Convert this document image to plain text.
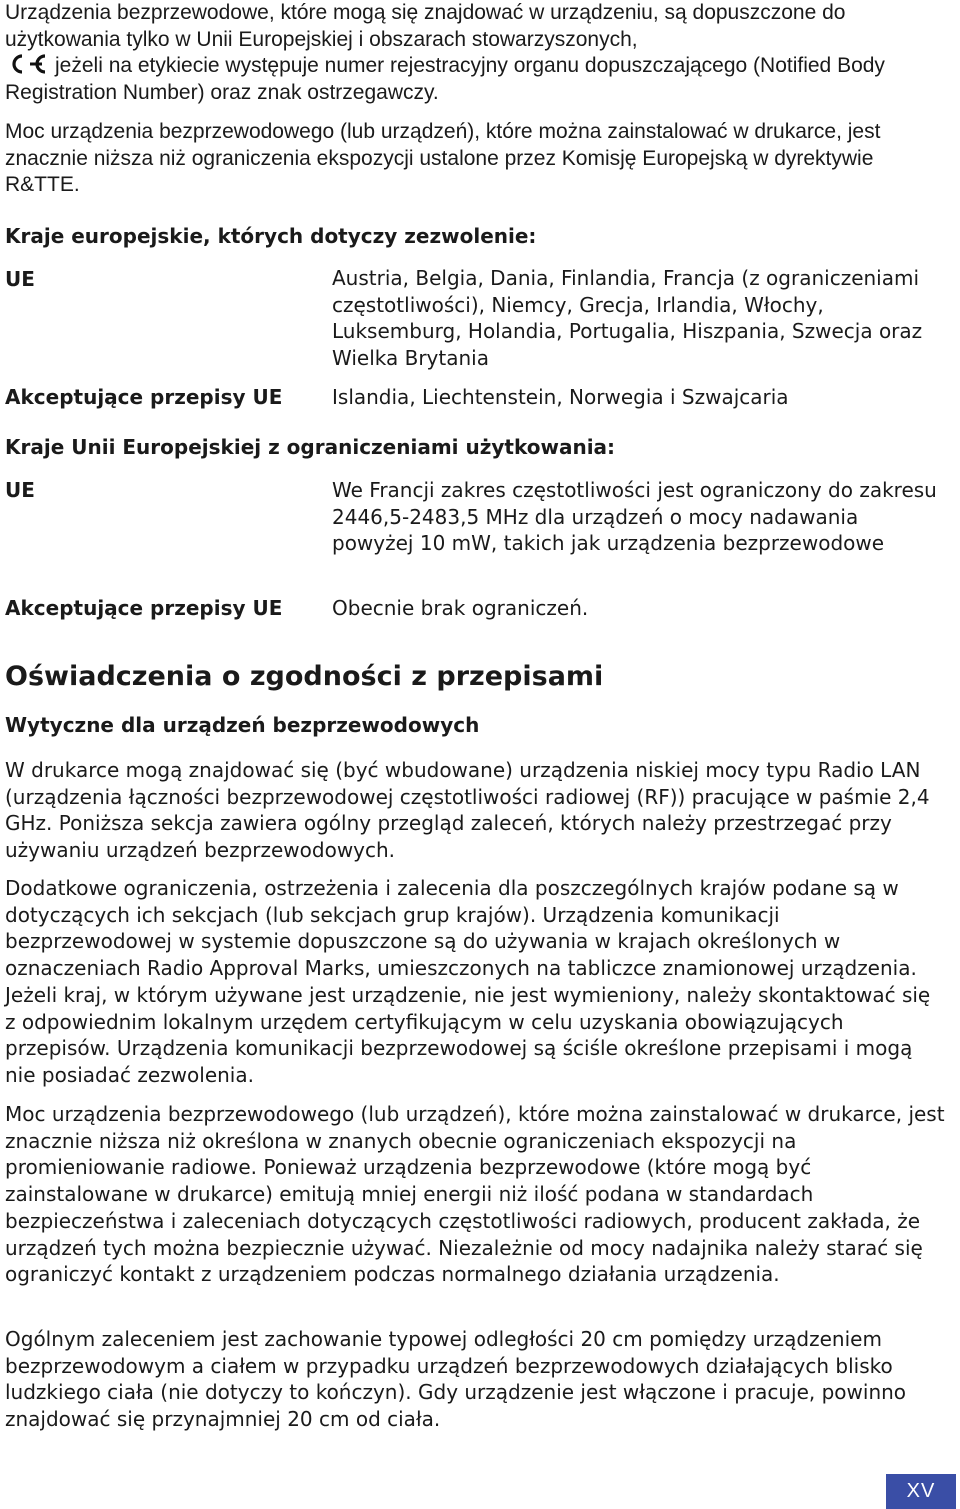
Urządzenia bezprzewodowe, które mogą się znajdować w urządzeniu, są dopuszczone do użytkowania tylko w Unii Europejskiej i obszarach stowarzyszonych,
jeżeli na etykiecie występuje numer rejestracyjny organu dopuszczającego (Notified Body Registration Number) oraz znak ostrzegawczy.

Moc urządzenia bezprzewodowego (lub urządzeń), które można zainstalować w drukarce, jest znacznie niższa niż ograniczenia ekspozycji ustalone przez Komisję Europejską w dyrektywie R&TTE.

Kraje europejskie, których dotyczy zezwolenie:

UE	Austria, Belgia, Dania, Finlandia, Francja (z ograniczeniami częstotliwości), Niemcy, Grecja, Irlandia, Włochy, Luksemburg, Holandia, Portugalia, Hiszpania, Szwecja oraz Wielka Brytania

Akceptujące przepisy UE Islandia, Liechtenstein, Norwegia i Szwajcaria

Kraje Unii Europejskiej z ograniczeniami użytkowania:

UE	We Francji zakres częstotliwości jest ograniczony do zakresu 2446,5-2483,5 MHz dla urządzeń o mocy nadawania powyżej 10 mW, takich jak urządzenia bezprzewodowe

Akceptujące przepisy UE Obecnie brak ograniczeń.

Oświadczenia o zgodności z przepisami
Wytyczne dla urządzeń bezprzewodowych

W drukarce mogą znajdować się (być wbudowane) urządzenia niskiej mocy typu Radio LAN (urządzenia łączności bezprzewodowej częstotliwości radiowej (RF)) pracujące w paśmie 2,4 GHz. Poniższa sekcja zawiera ogólny przegląd zaleceń, których należy przestrzegać przy używaniu urządzeń bezprzewodowych.

Dodatkowe ograniczenia, ostrzeżenia i zalecenia dla poszczególnych krajów podane są w dotyczących ich sekcjach (lub sekcjach grup krajów). Urządzenia komunikacji bezprzewodowej w systemie dopuszczone są do używania w krajach określonych w oznaczeniach Radio Approval Marks, umieszczonych na tabliczce znamionowej urządzenia. Jeżeli kraj, w którym używane jest urządzenie, nie jest wymieniony, należy skontaktować się z odpowiednim lokalnym urzędem certyfikującym w celu uzyskania obowiązujących przepisów. Urządzenia komunikacji bezprzewodowej są ściśle określone przepisami i mogą nie posiadać zezwolenia.

Moc urządzenia bezprzewodowego (lub urządzeń), które można zainstalować w drukarce, jest znacznie niższa niż określona w znanych obecnie ograniczeniach ekspozycji na promieniowanie radiowe. Ponieważ urządzenia bezprzewodowe (które mogą być zainstalowane w drukarce) emitują mniej energii niż ilość podana w standardach bezpieczeństwa i zaleceniach dotyczących częstotliwości radiowych, producent zakłada, że urządzeń tych można bezpiecznie używać. Niezależnie od mocy nadajnika należy starać się ograniczyć kontakt z urządzeniem podczas normalnego działania urządzenia.

Ogólnym zaleceniem jest zachowanie typowej odległości 20 cm pomiędzy urządzeniem bezprzewodowym a ciałem w przypadku urządzeń bezprzewodowych działających blisko ludzkiego ciała (nie dotyczy to kończyn). Gdy urządzenie jest włączone i pracuje, powinno znajdować się przynajmniej 20 cm od ciała.

XV
